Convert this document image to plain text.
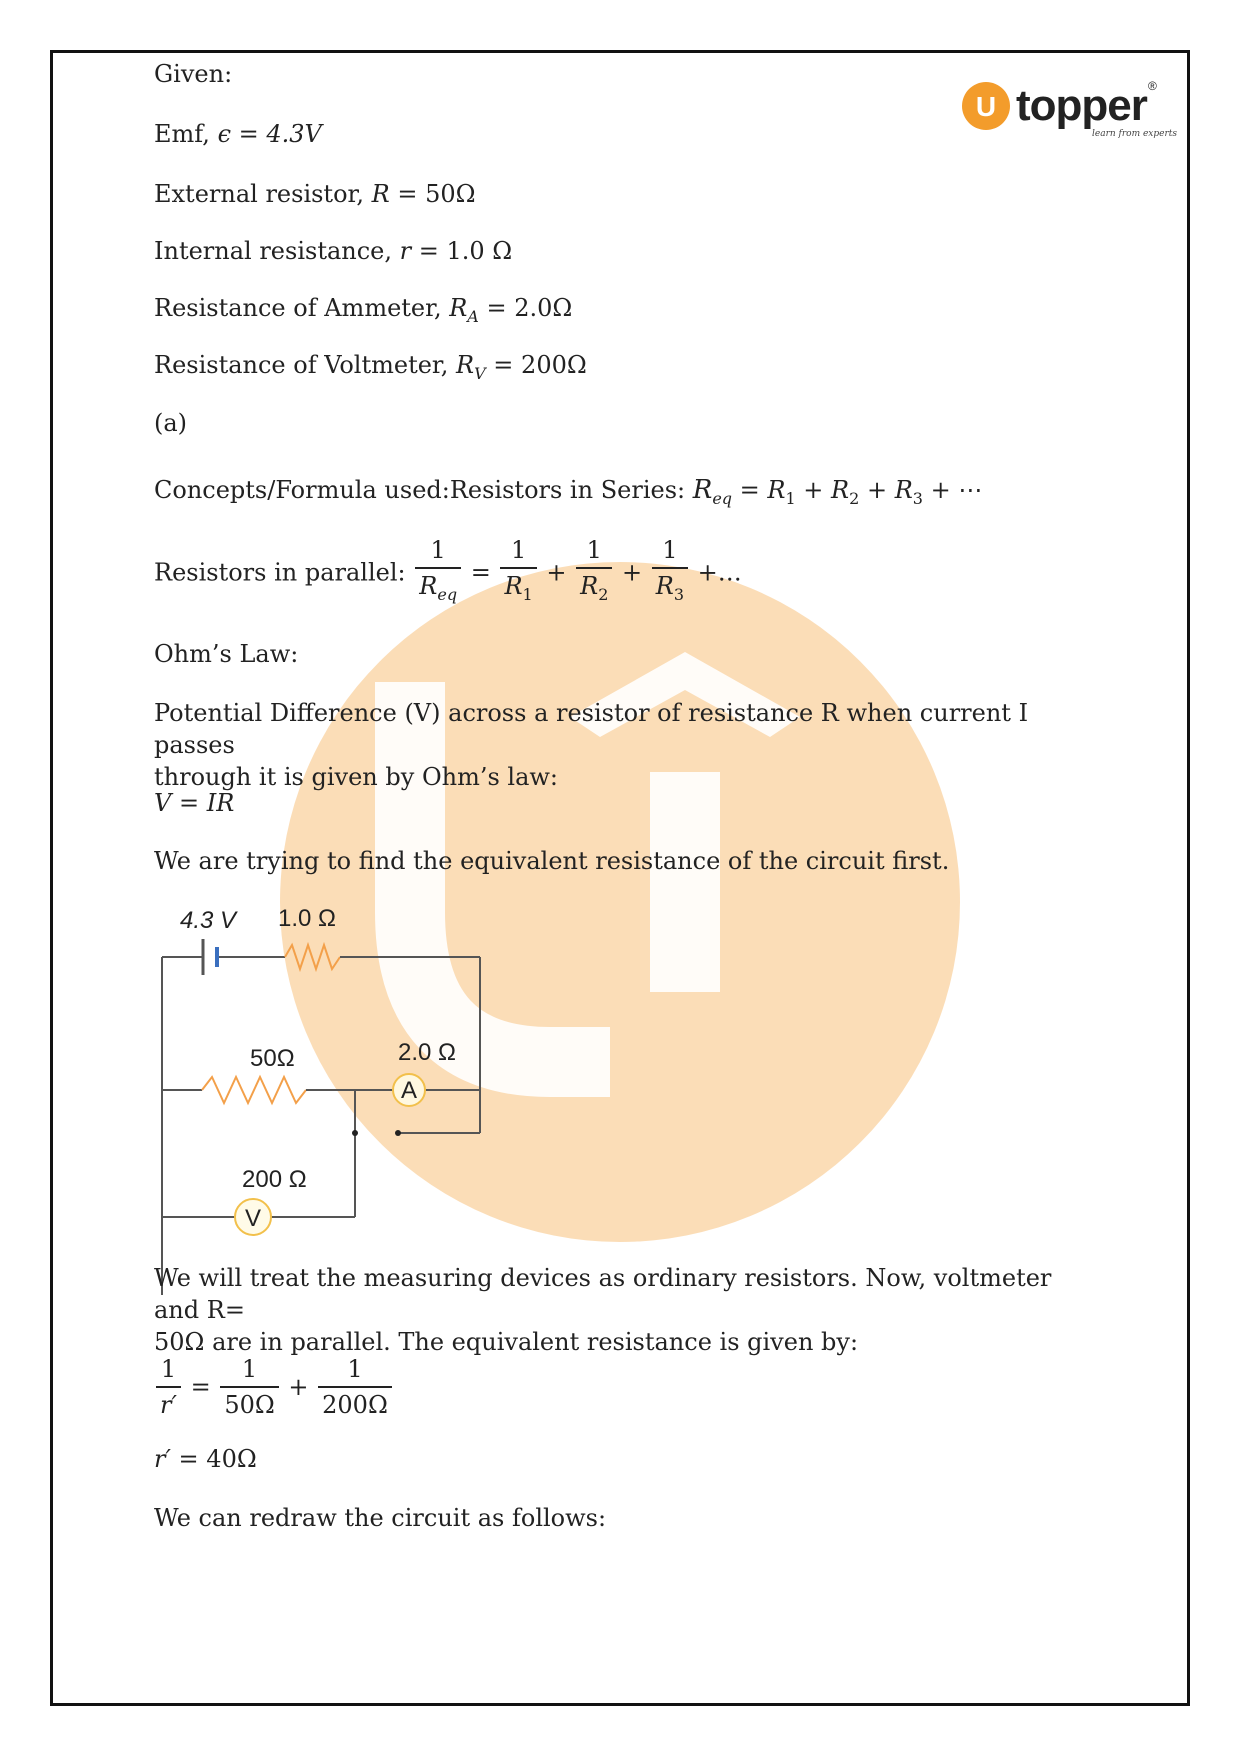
U topper ®
learn from experts
Given:
Emf, ϵ = 4.3V
External resistor, R = 50Ω
Internal resistance, r = 1.0 Ω
Resistance of Ammeter, $R_A = 2.0\Omega$
Resistance of Voltmeter, $R_V = 200\Omega$
(a)
Concepts/Formula used:Resistors in Series: $R_{eq} = R_1 + R_2 + R_3$ + ⋯
Resistors in parallel: $\frac{1}{R_{eq}} = \frac{1}{R_1} + \frac{1}{R_2} + \frac{1}{R_3}$ +…
Ohm’s Law:
Potential Difference (V) across a resistor of resistance R when current I passes
through it is given by Ohm’s law:
V = IR
We are trying to find the equivalent resistance of the circuit first.
A
V
4.3 V 1.0 Ω
50Ω	2.0 Ω
200 Ω
We will treat the measuring devices as ordinary resistors. Now, voltmeter and R=
50Ω are in parallel. The equivalent resistance is given by:
$\frac{1}{r'} = \frac{1}{50\Omega} + \frac{1}{200\Omega}$
r′ = 40Ω
We can redraw the circuit as follows:
